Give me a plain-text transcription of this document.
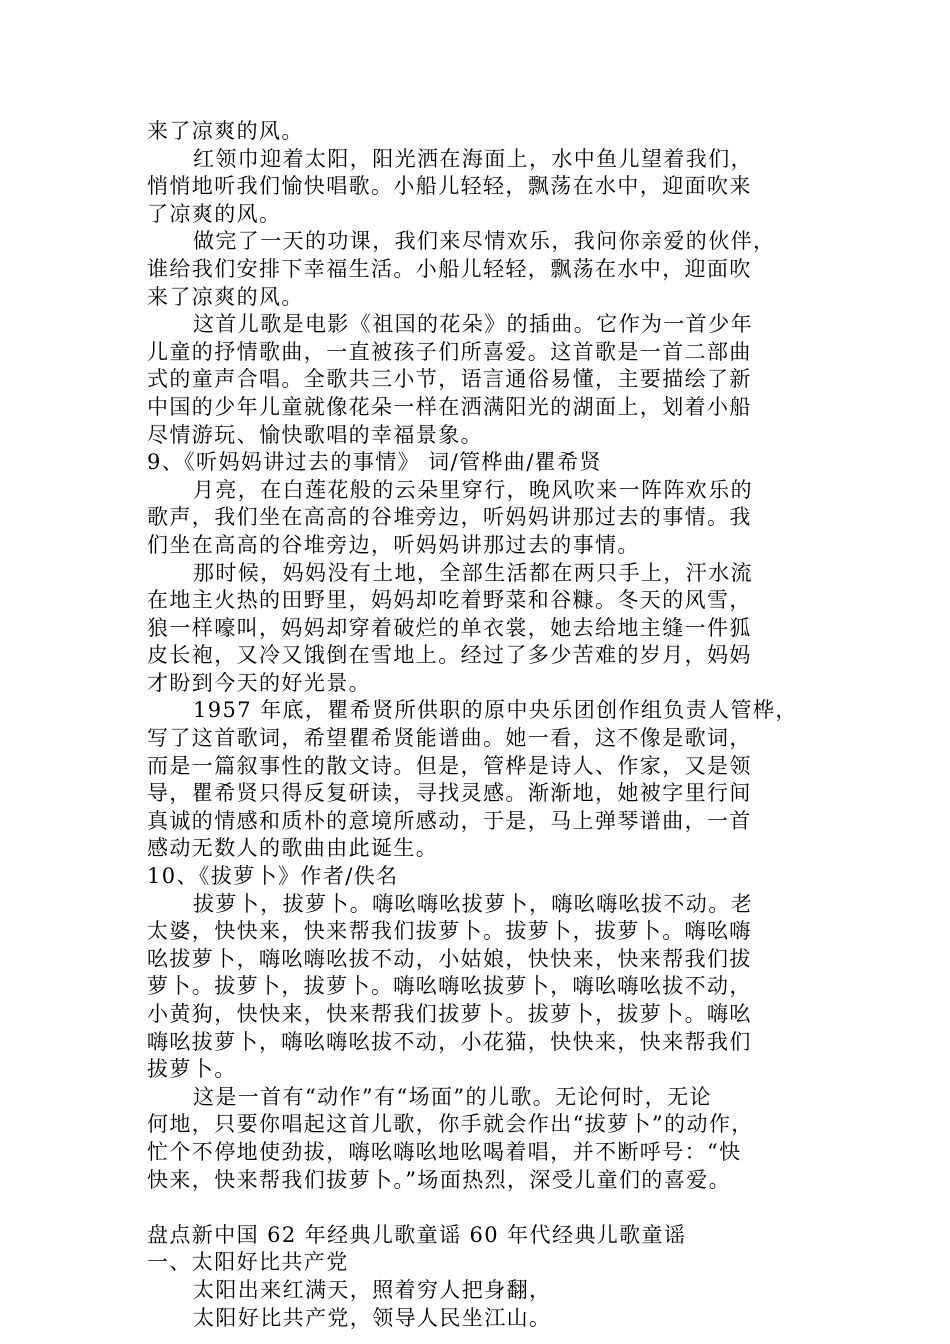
来了凉爽的风。
红领巾迎着太阳，阳光洒在海面上，水中鱼儿望着我们，
悄悄地听我们愉快唱歌。小船儿轻轻，飘荡在水中，迎面吹来
了凉爽的风。
做完了一天的功课，我们来尽情欢乐，我问你亲爱的伙伴，
谁给我们安排下幸福生活。小船儿轻轻，飘荡在水中，迎面吹
来了凉爽的风。
这首儿歌是电影《祖国的花朵》的插曲。它作为一首少年
儿童的抒情歌曲，一直被孩子们所喜爱。这首歌是一首二部曲
式的童声合唱。全歌共三小节，语言通俗易懂，主要描绘了新
中国的少年儿童就像花朵一样在洒满阳光的湖面上，划着小船
尽情游玩、愉快歌唱的幸福景象。
9、《听妈妈讲过去的事情》 词/管桦曲/瞿希贤
月亮，在白莲花般的云朵里穿行，晚风吹来一阵阵欢乐的
歌声，我们坐在高高的谷堆旁边，听妈妈讲那过去的事情。我
们坐在高高的谷堆旁边，听妈妈讲那过去的事情。
那时候，妈妈没有土地，全部生活都在两只手上，汗水流
在地主火热的田野里，妈妈却吃着野菜和谷糠。冬天的风雪，
狼一样嚎叫，妈妈却穿着破烂的单衣裳，她去给地主缝一件狐
皮长袍，又冷又饿倒在雪地上。经过了多少苦难的岁月，妈妈
才盼到今天的好光景。
1957 年底，瞿希贤所供职的原中央乐团创作组负责人管桦，
写了这首歌词，希望瞿希贤能谱曲。她一看，这不像是歌词，
而是一篇叙事性的散文诗。但是，管桦是诗人、作家，又是领
导，瞿希贤只得反复研读，寻找灵感。渐渐地，她被字里行间
真诚的情感和质朴的意境所感动，于是，马上弹琴谱曲，一首
感动无数人的歌曲由此诞生。
10、《拔萝卜》作者/佚名
拔萝卜，拔萝卜。嗨吆嗨吆拔萝卜，嗨吆嗨吆拔不动。老
太婆，快快来，快来帮我们拔萝卜。拔萝卜，拔萝卜。嗨吆嗨
吆拔萝卜，嗨吆嗨吆拔不动，小姑娘，快快来，快来帮我们拔
萝卜。拔萝卜，拔萝卜。嗨吆嗨吆拔萝卜，嗨吆嗨吆拔不动，
小黄狗，快快来，快来帮我们拔萝卜。拔萝卜，拔萝卜。嗨吆
嗨吆拔萝卜，嗨吆嗨吆拔不动，小花猫，快快来，快来帮我们
拔萝卜。
这是一首有“动作”有“场面”的儿歌。无论何时，无论
何地，只要你唱起这首儿歌，你手就会作出“拔萝卜”的动作，
忙个不停地使劲拔，嗨吆嗨吆地吆喝着唱，并不断呼号：“快
快来，快来帮我们拔萝卜。”场面热烈，深受儿童们的喜爱。
盘点新中国 62 年经典儿歌童谣 60 年代经典儿歌童谣
一、太阳好比共产党
太阳出来红满天，照着穷人把身翻，
太阳好比共产党，领导人民坐江山。
